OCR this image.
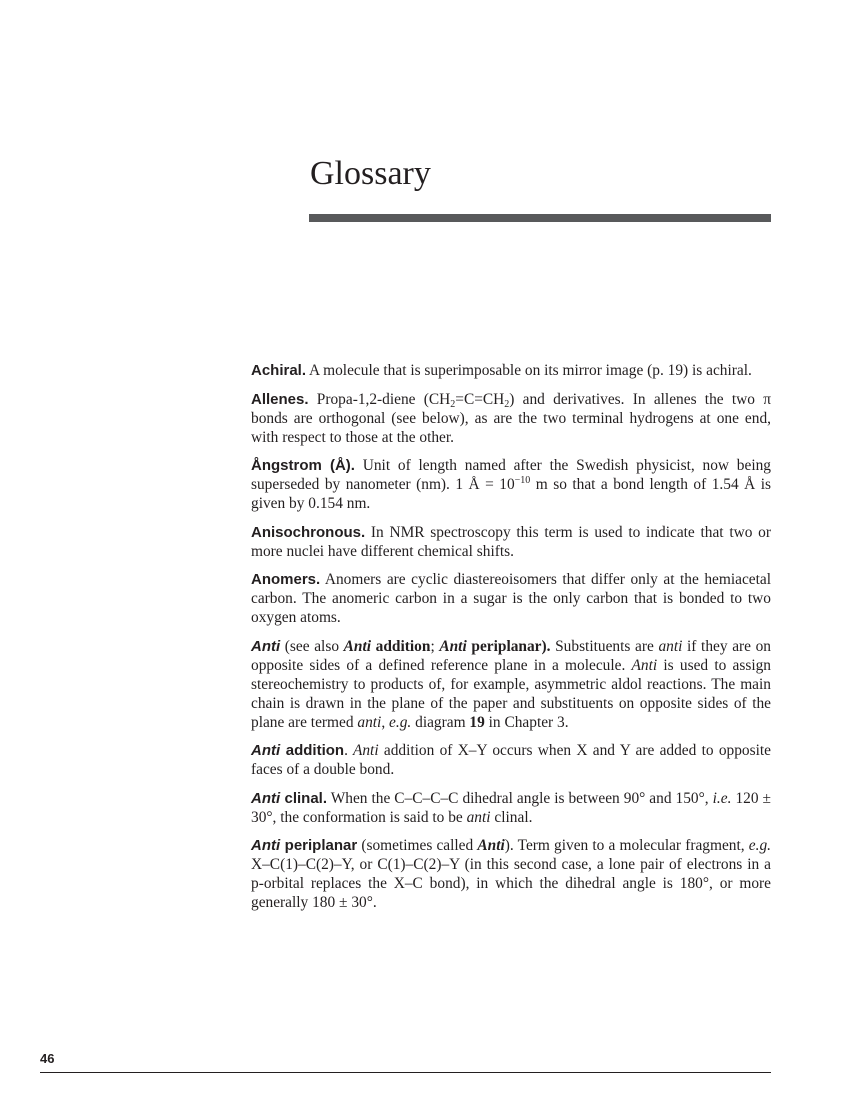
Glossary

Achiral. A molecule that is superimposable on its mirror image (p. 19) is achiral.

Allenes. Propa-1,2-diene $(CH_2=C=CH_2)$ and derivatives. In allenes the two π bonds are orthogonal (see below), as are the two terminal hydrogens at one end, with respect to those at the other.

Ångstrom (Å). Unit of length named after the Swedish physicist, now being superseded by nanometer (nm). 1 Å = $10^{-10}$ m so that a bond length of 1.54 Å is given by 0.154 nm.

Anisochronous. In NMR spectroscopy this term is used to indicate that two or more nuclei have different chemical shifts.

Anomers. Anomers are cyclic diastereoisomers that differ only at the hemiacetal carbon. The anomeric carbon in a sugar is the only carbon that is bonded to two oxygen atoms.

Anti (see also Anti addition; Anti periplanar). Substituents are anti if they are on opposite sides of a defined reference plane in a molecule. Anti is used to assign stereochemistry to products of, for example, asymmetric aldol reactions. The main chain is drawn in the plane of the paper and substituents on opposite sides of the plane are termed anti, e.g. diagram 19 in Chapter 3.

Anti addition. Anti addition of X–Y occurs when X and Y are added to opposite faces of a double bond.

Anti clinal. When the C–C–C–C dihedral angle is between 90° and 150°, i.e. 120 ± 30°, the conformation is said to be anti clinal.

Anti periplanar (sometimes called Anti). Term given to a molecular fragment, e.g. X–C(1)–C(2)–Y, or C(1)–C(2)–Y (in this second case, a lone pair of electrons in a p-orbital replaces the X–C bond), in which the dihedral angle is 180°, or more generally 180 ± 30°.

46
